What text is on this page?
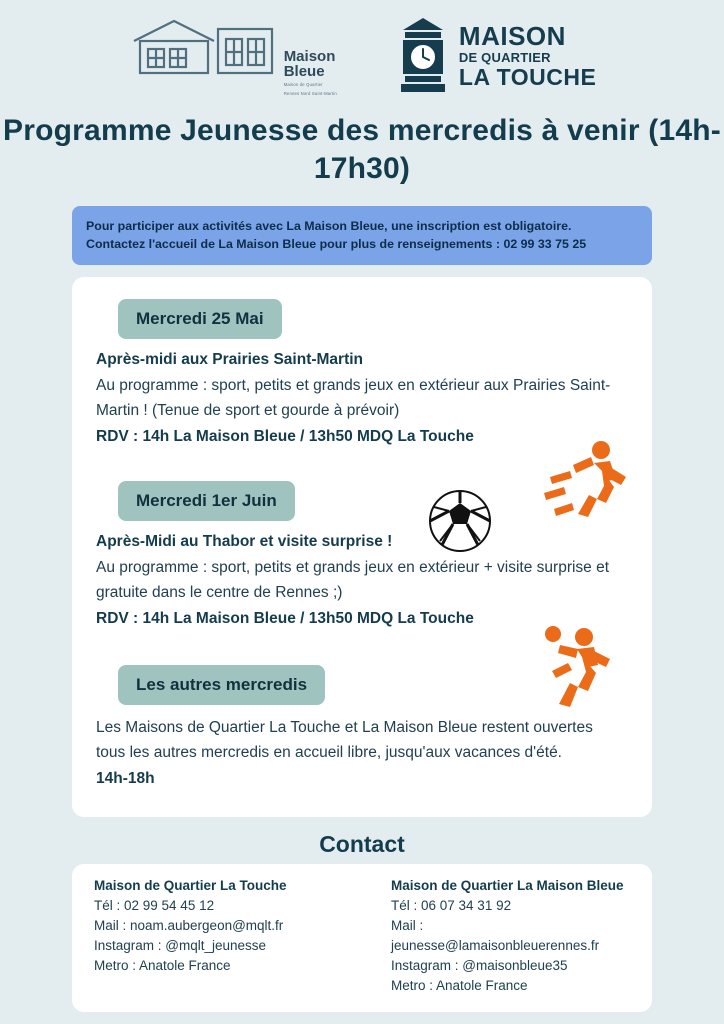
Maison
Bleue
Maison de Quartier
Rennes Nord Saint-Martin
MAISON
DE QUARTIER
LA TOUCHE
Programme Jeunesse des mercredis à venir (14h-17h30)
Pour participer aux activités avec La Maison Bleue, une inscription est obligatoire.
Contactez l'accueil de La Maison Bleue pour plus de renseignements : 02 99 33 75 25
Mercredi 25 Mai
Après-midi aux Prairies Saint-Martin
Au programme : sport, petits et grands jeux en extérieur aux Prairies Saint-Martin ! (Tenue de sport et gourde à prévoir)
RDV : 14h La Maison Bleue / 13h50 MDQ La Touche
Mercredi 1er Juin
Après-Midi au Thabor et visite surprise !
Au programme : sport, petits et grands jeux en extérieur + visite surprise et gratuite dans le centre de Rennes ;)
RDV : 14h La Maison Bleue / 13h50 MDQ La Touche
Les autres mercredis
Les Maisons de Quartier La Touche et La Maison Bleue restent ouvertes tous les autres mercredis en accueil libre, jusqu'aux vacances d'été.
14h-18h
Contact
Maison de Quartier La Touche

Tél : 02 99 54 45 12

Mail : noam.aubergeon@mqlt.fr

Instagram : @mqlt_jeunesse

Metro : Anatole France

Maison de Quartier La Maison Bleue

Tél : 06 07 34 31 92

Mail : jeunesse@lamaisonbleuerennes.fr

Instagram : @maisonbleue35

Metro : Anatole France
